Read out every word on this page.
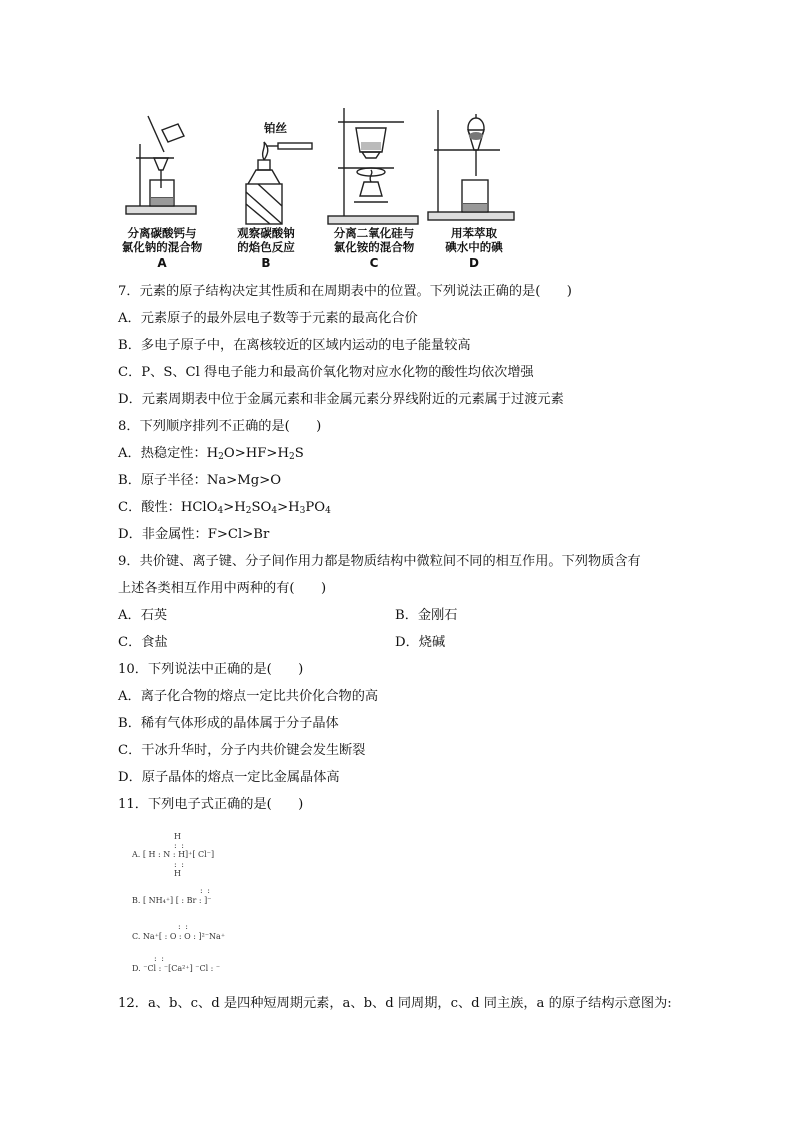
分离碳酸钙与
氯化钠的混合物
A
铂丝
观察碳酸钠
的焰色反应
B
分离二氧化硅与
氯化铵的混合物
C
用苯萃取
碘水中的碘
D
7．元素的原子结构决定其性质和在周期表中的位置。下列说法正确的是(　　)
A．元素原子的最外层电子数等于元素的最高化合价
B．多电子原子中，在离核较近的区域内运动的电子能量较高
C．P、S、Cl 得电子能力和最高价氧化物对应水化物的酸性均依次增强
D．元素周期表中位于金属元素和非金属元素分界线附近的元素属于过渡元素
8．下列顺序排列不正确的是(　　)
A．热稳定性：$H_2O>HF>H_2S$
B．原子半径：Na>Mg>O
C．酸性：$HClO_4>H_2SO_4>H_3PO_4$
D．非金属性：F>Cl>Br
9．共价键、离子键、分子间作用力都是物质结构中微粒间不同的相互作用。下列物质含有
上述各类相互作用中两种的有(　　)
A．石英	B．金刚石
C．食盐	D．烧碱
10．下列说法中正确的是(　　)
A．离子化合物的熔点一定比共价化合物的高
B．稀有气体形成的晶体属于分子晶体
C．干冰升华时，分子内共价键会发生断裂
D．原子晶体的熔点一定比金属晶体高
11．下列电子式正确的是(　　)
H
: :
A. [ H : N : H]⁺[ Cl⁻]
: :
H
: :
B. [ NH₄⁺] [ : Br : ]⁻
: :
C. Na⁺[ : O : O : ]²⁻Na⁺
: :
D. ⁻Cl : ⁻[Ca²⁺] ⁻Cl : ⁻
12．a、b、c、d 是四种短周期元素，a、b、d 同周期，c、d 同主族，a 的原子结构示意图为:
